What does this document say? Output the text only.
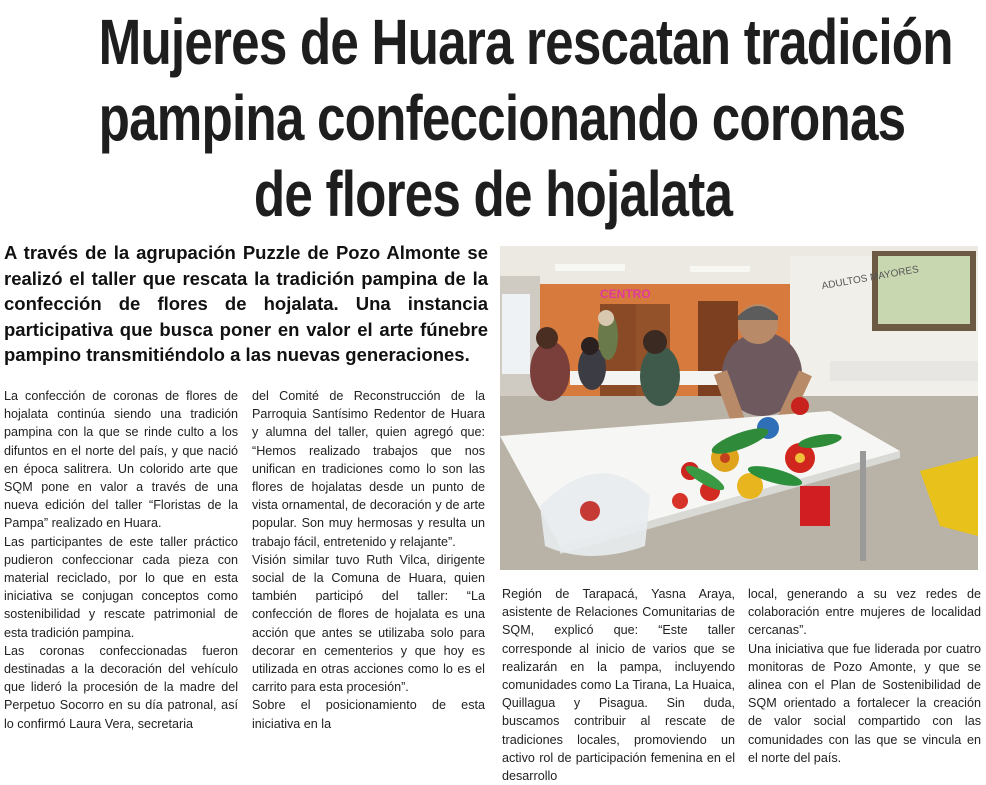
Mujeres de Huara rescatan tradición
pampina confeccionando coronas
de flores de hojalata
A través de la agrupación Puzzle de Pozo Almonte se realizó el taller que rescata la tradición pampina de la confección de flores de hojalata. Una instancia participativa que busca poner en valor el arte fúnebre pampino transmitiéndolo a las nuevas generaciones.
CENTRO
ADULTOS MAYORES

La confección de coronas de flores de hojalata continúa siendo una tradición pampina con la que se rinde culto a los difuntos en el norte del país, y que nació en época salitrera. Un colorido arte que SQM pone en valor a través de una nueva edición del taller “Floristas de la Pampa” realizado en Huara.

Las participantes de este taller práctico pudieron confeccionar cada pieza con material reciclado, por lo que en esta iniciativa se conjugan conceptos como sostenibilidad y rescate patrimonial de esta tradición pampina.

Las coronas confeccionadas fueron destinadas a la decoración del vehículo que lideró la procesión de la madre del Perpetuo Socorro en su día patronal, así lo confirmó Laura Vera, secretaria

del Comité de Reconstrucción de la Parroquia Santísimo Redentor de Huara y alumna del taller, quien agregó que: “Hemos realizado trabajos que nos unifican en tradiciones como lo son las flores de hojalatas desde un punto de vista ornamental, de decoración y de arte popular. Son muy hermosas y resulta un trabajo fácil, entretenido y relajante”.

Visión similar tuvo Ruth Vilca, dirigente social de la Comuna de Huara, quien también participó del taller: “La confección de flores de hojalata es una acción que antes se utilizaba solo para decorar en cementerios y que hoy es utilizada en otras acciones como lo es el carrito para esta procesión”.

Sobre el posicionamiento de esta iniciativa en la

Región de Tarapacá, Yasna Araya, asistente de Relaciones Comunitarias de SQM, explicó que: “Este taller corresponde al inicio de varios que se realizarán en la pampa, incluyendo comunidades como La Tirana, La Huaica, Quillagua y Pisagua. Sin duda, buscamos contribuir al rescate de tradiciones locales, promoviendo un activo rol de participación femenina en el desarrollo

local, generando a su vez redes de colaboración entre mujeres de localidad cercanas”.

Una iniciativa que fue liderada por cuatro monitoras de Pozo Amonte, y que se alinea con el Plan de Sostenibilidad de SQM orientado a fortalecer la creación de valor social compartido con las comunidades con las que se vincula en el norte del país.
